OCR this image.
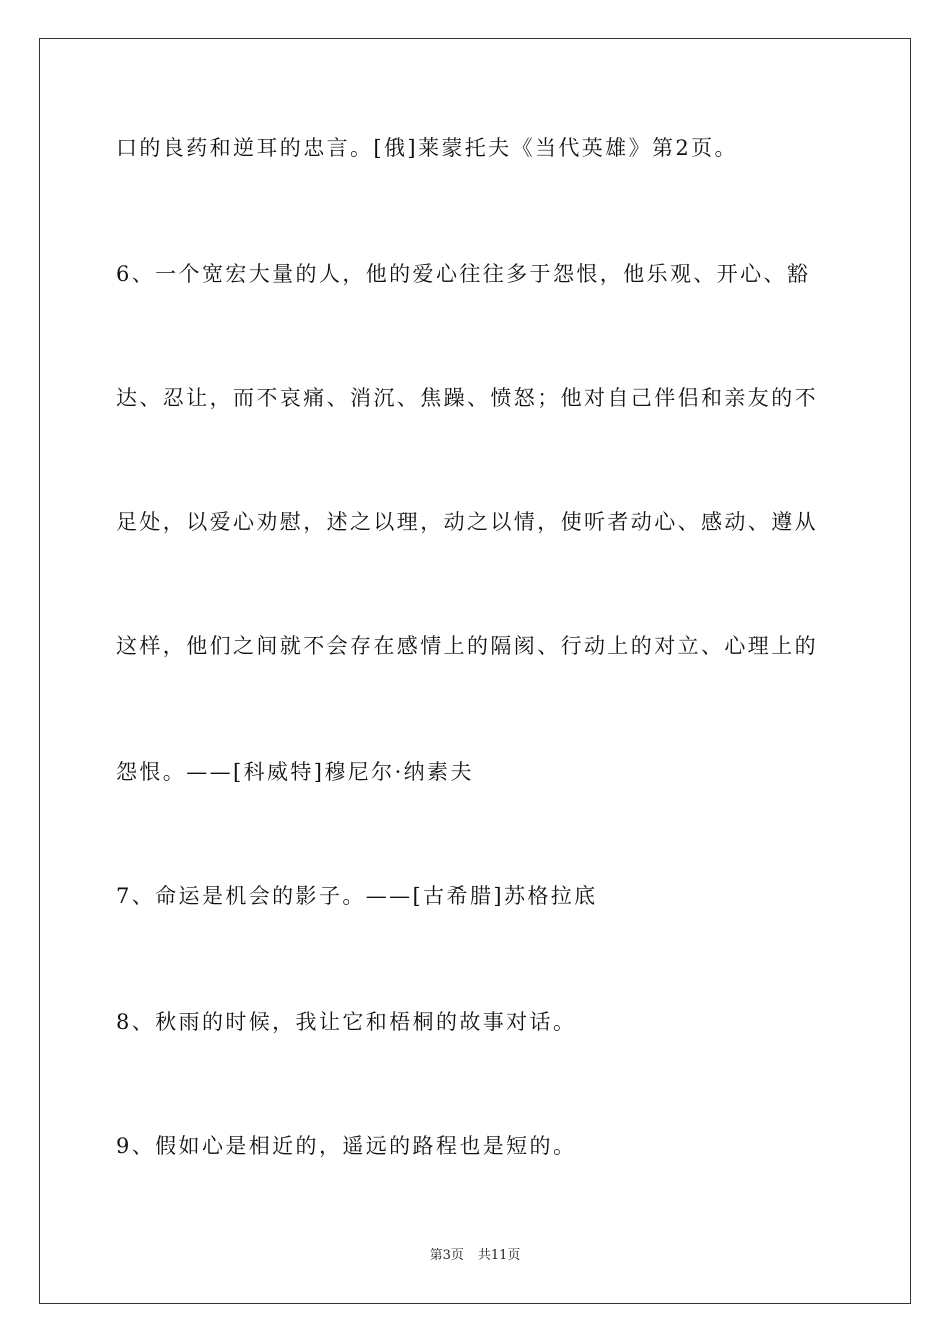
口的良药和逆耳的忠言。[俄]莱蒙托夫《当代英雄》第2页。
6、一个宽宏大量的人，他的爱心往往多于怨恨，他乐观、开心、豁
达、忍让，而不哀痛、消沉、焦躁、愤怒；他对自己伴侣和亲友的不
足处，以爱心劝慰，述之以理，动之以情，使听者动心、感动、遵从
这样，他们之间就不会存在感情上的隔阂、行动上的对立、心理上的
怨恨。——[科威特]穆尼尔·纳素夫
7、命运是机会的影子。——[古希腊]苏格拉底
8、秋雨的时候，我让它和梧桐的故事对话。
9、假如心是相近的，遥远的路程也是短的。
第3页 共11页
